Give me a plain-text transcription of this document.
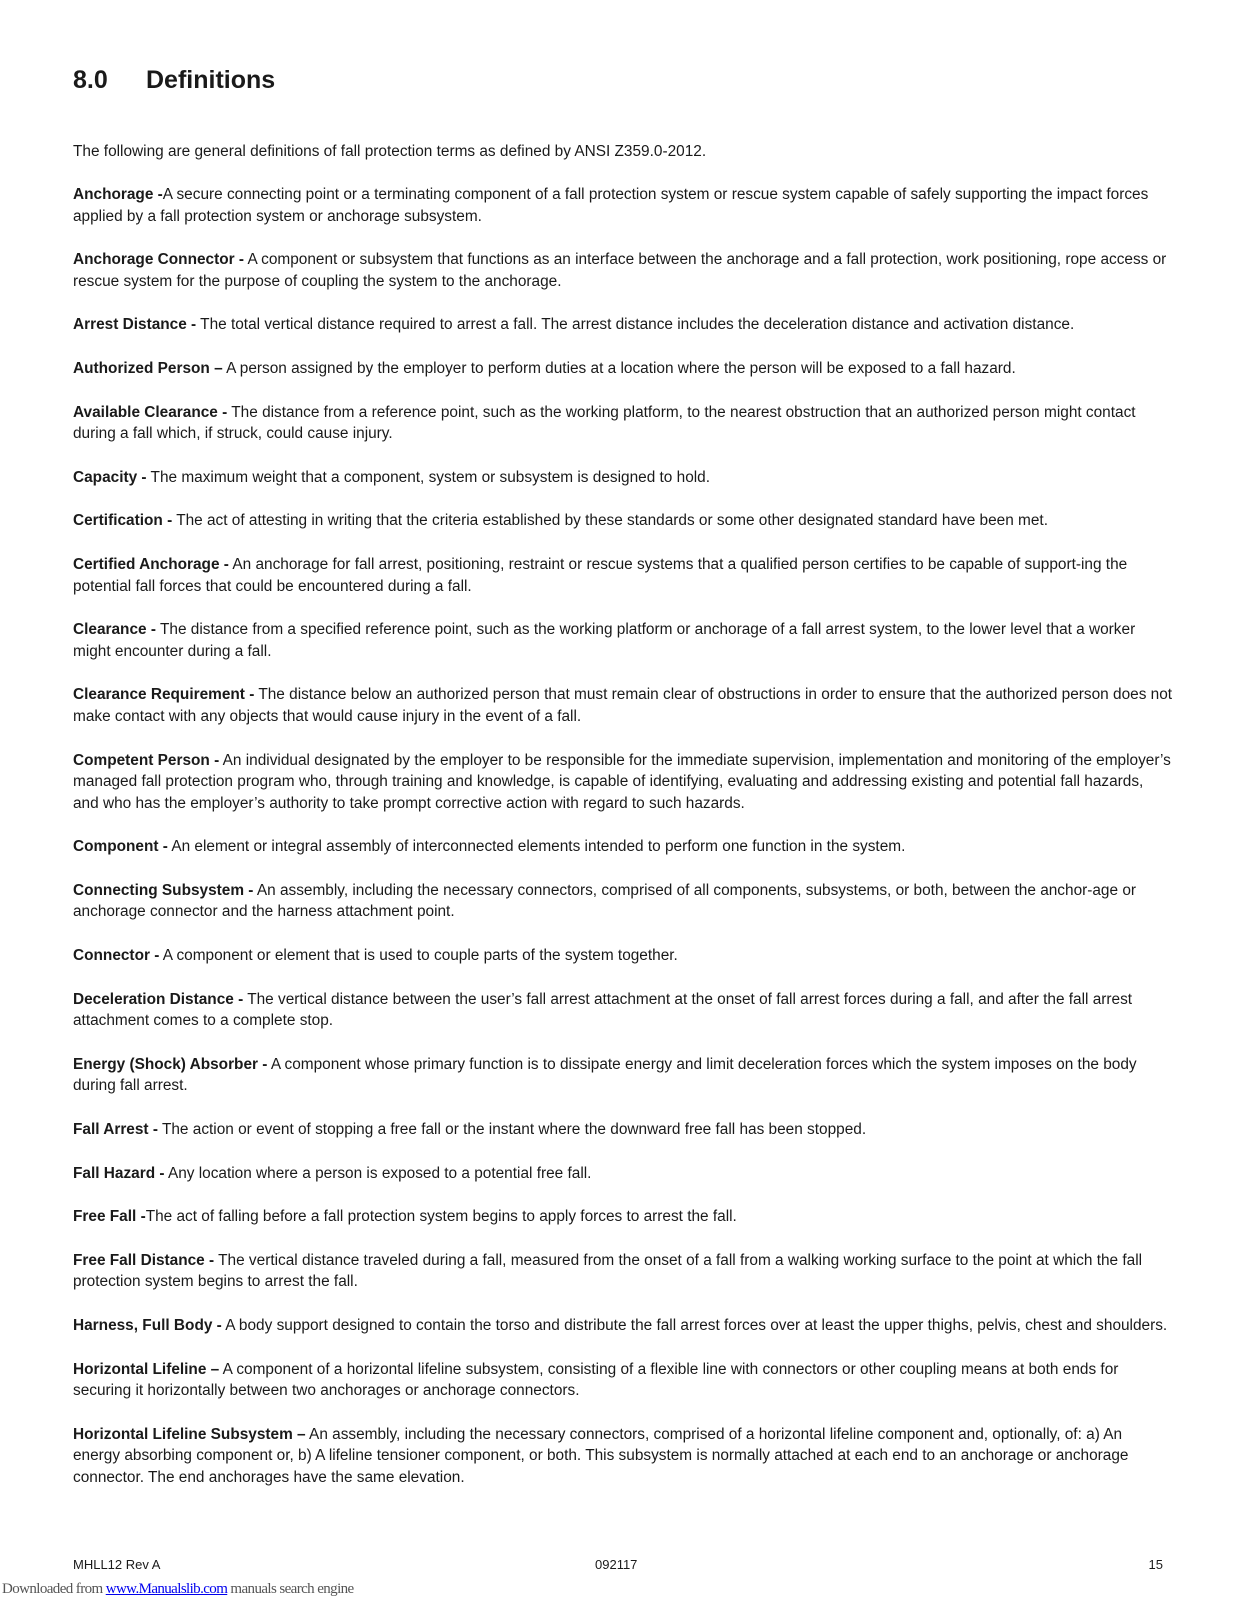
8.0 Definitions
The following are general definitions of fall protection terms as defined by ANSI Z359.0-2012.

Anchorage -A secure connecting point or a terminating component of a fall protection system or rescue system capable of safely supporting the impact forces applied by a fall protection system or anchorage subsystem.

Anchorage Connector - A component or subsystem that functions as an interface between the anchorage and a fall protection, work positioning, rope access or rescue system for the purpose of coupling the system to the anchorage.

Arrest Distance - The total vertical distance required to arrest a fall. The arrest distance includes the deceleration distance and activation distance.

Authorized Person – A person assigned by the employer to perform duties at a location where the person will be exposed to a fall hazard.

Available Clearance - The distance from a reference point, such as the working platform, to the nearest obstruction that an authorized person might contact during a fall which, if struck, could cause injury.

Capacity - The maximum weight that a component, system or subsystem is designed to hold.

Certification - The act of attesting in writing that the criteria established by these standards or some other designated standard have been met.

Certified Anchorage - An anchorage for fall arrest, positioning, restraint or rescue systems that a qualified person certifies to be capable of support-ing the potential fall forces that could be encountered during a fall.

Clearance - The distance from a specified reference point, such as the working platform or anchorage of a fall arrest system, to the lower level that a worker might encounter during a fall.

Clearance Requirement - The distance below an authorized person that must remain clear of obstructions in order to ensure that the authorized person does not make contact with any objects that would cause injury in the event of a fall.

Competent Person - An individual designated by the employer to be responsible for the immediate supervision, implementation and monitoring of the employer’s managed fall protection program who, through training and knowledge, is capable of identifying, evaluating and addressing existing and potential fall hazards, and who has the employer’s authority to take prompt corrective action with regard to such hazards.

Component - An element or integral assembly of interconnected elements intended to perform one function in the system.

Connecting Subsystem - An assembly, including the necessary connectors, comprised of all components, subsystems, or both, between the anchor-age or anchorage connector and the harness attachment point.

Connector - A component or element that is used to couple parts of the system together.

Deceleration Distance - The vertical distance between the user’s fall arrest attachment at the onset of fall arrest forces during a fall, and after the fall arrest attachment comes to a complete stop.

Energy (Shock) Absorber - A component whose primary function is to dissipate energy and limit deceleration forces which the system imposes on the body during fall arrest.

Fall Arrest - The action or event of stopping a free fall or the instant where the downward free fall has been stopped.

Fall Hazard - Any location where a person is exposed to a potential free fall.

Free Fall -The act of falling before a fall protection system begins to apply forces to arrest the fall.

Free Fall Distance - The vertical distance traveled during a fall, measured from the onset of a fall from a walking working surface to the point at which the fall protection system begins to arrest the fall.

Harness, Full Body - A body support designed to contain the torso and distribute the fall arrest forces over at least the upper thighs, pelvis, chest and shoulders.

Horizontal Lifeline – A component of a horizontal lifeline subsystem, consisting of a flexible line with connectors or other coupling means at both ends for securing it horizontally between two anchorages or anchorage connectors.

Horizontal Lifeline Subsystem – An assembly, including the necessary connectors, comprised of a horizontal lifeline component and, optionally, of: a) An energy absorbing component or, b) A lifeline tensioner component, or both. This subsystem is normally attached at each end to an anchorage or anchorage connector. The end anchorages have the same elevation.

MHLL12 Rev A	092117	15
Downloaded from www.Manualslib.com manuals search engine
